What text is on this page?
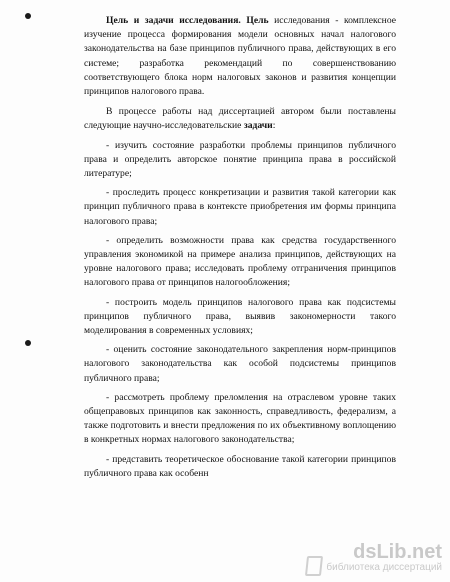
Цель и задачи исследования. Цель исследования - комплексное изучение процесса формирования модели основных начал налогового законодательства на базе принципов публичного права, действующих в его системе; разработка рекомендаций по совершенствованию соответствующего блока норм налоговых законов и развития концепции принципов налогового права.

В процессе работы над диссертацией автором были поставлены следующие научно-исследовательские задачи:

- изучить состояние разработки проблемы принципов публичного права и определить авторское понятие принципа права в российской литературе;

- проследить процесс конкретизации и развития такой категории как принцип публичного права в контексте приобретения им формы принципа налогового права;

- определить возможности права как средства государственного управления экономикой на примере анализа принципов, действующих на уровне налогового права; исследовать проблему отграничения принципов налогового права от принципов налогообложения;

- построить модель принципов налогового права как подсистемы принципов публичного права, выявив закономерности такого моделирования в современных условиях;

- оценить состояние законодательного закрепления норм-принципов налогового законодательства как особой подсистемы принципов публичного права;

- рассмотреть проблему преломления на отраслевом уровне таких общеправовых принципов как законность, справедливость, федерализм, а также подготовить и внести предложения по их объективному воплощению в конкретных нормах налогового законодательства;

- представить теоретическое обоснование такой категории принципов публичного права как особенн

dsLib.net
библиотека диссертаций
